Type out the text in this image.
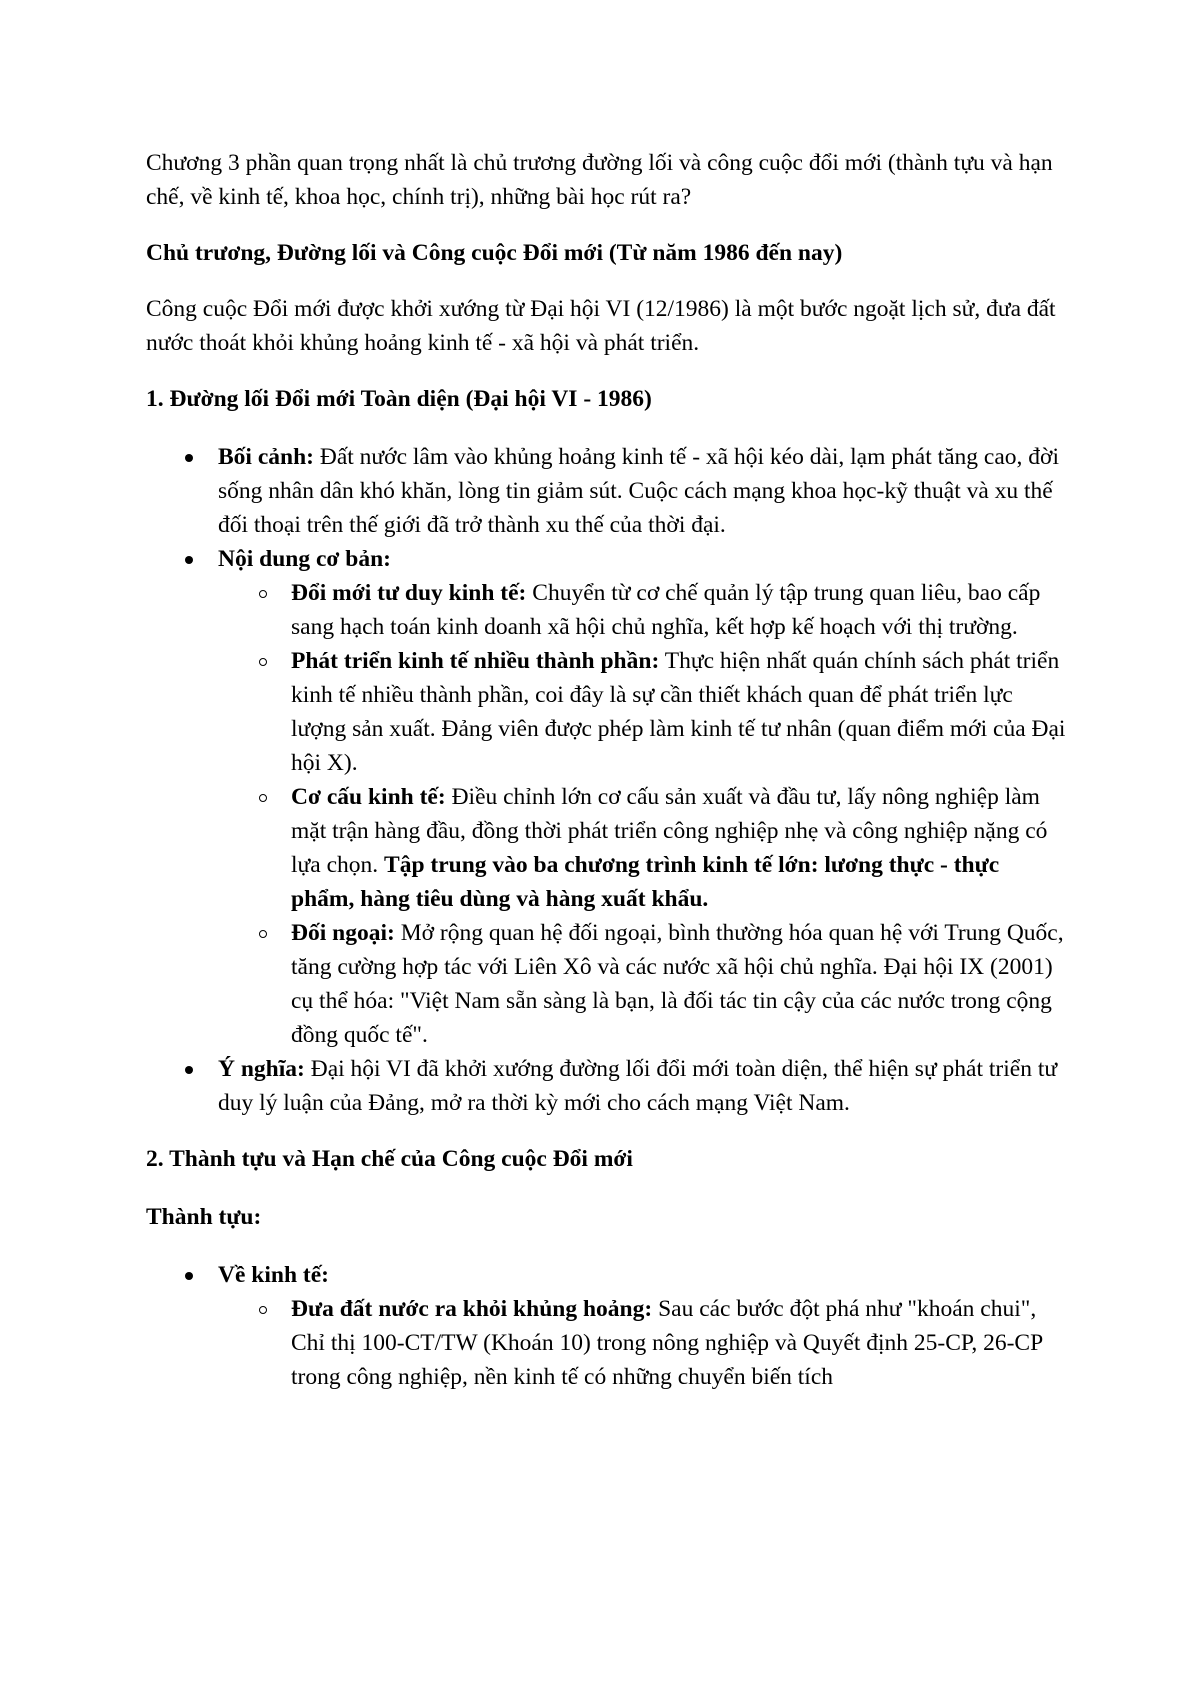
Chương 3 phần quan trọng nhất là chủ trương đường lối và công cuộc đổi mới (thành tựu và hạn chế, về kinh tế, khoa học, chính trị), những bài học rút ra?

Chủ trương, Đường lối và Công cuộc Đổi mới (Từ năm 1986 đến nay)

Công cuộc Đổi mới được khởi xướng từ Đại hội VI (12/1986) là một bước ngoặt lịch sử, đưa đất nước thoát khỏi khủng hoảng kinh tế - xã hội và phát triển.

1. Đường lối Đổi mới Toàn diện (Đại hội VI - 1986)

Bối cảnh: Đất nước lâm vào khủng hoảng kinh tế - xã hội kéo dài, lạm phát tăng cao, đời sống nhân dân khó khăn, lòng tin giảm sút. Cuộc cách mạng khoa học-kỹ thuật và xu thế đối thoại trên thế giới đã trở thành xu thế của thời đại.
Nội dung cơ bản:
Đổi mới tư duy kinh tế: Chuyển từ cơ chế quản lý tập trung quan liêu, bao cấp sang hạch toán kinh doanh xã hội chủ nghĩa, kết hợp kế hoạch với thị trường.
Phát triển kinh tế nhiều thành phần: Thực hiện nhất quán chính sách phát triển kinh tế nhiều thành phần, coi đây là sự cần thiết khách quan để phát triển lực lượng sản xuất. Đảng viên được phép làm kinh tế tư nhân (quan điểm mới của Đại hội X).
Cơ cấu kinh tế: Điều chỉnh lớn cơ cấu sản xuất và đầu tư, lấy nông nghiệp làm mặt trận hàng đầu, đồng thời phát triển công nghiệp nhẹ và công nghiệp nặng có lựa chọn. Tập trung vào ba chương trình kinh tế lớn: lương thực - thực phẩm, hàng tiêu dùng và hàng xuất khẩu.
Đối ngoại: Mở rộng quan hệ đối ngoại, bình thường hóa quan hệ với Trung Quốc, tăng cường hợp tác với Liên Xô và các nước xã hội chủ nghĩa. Đại hội IX (2001) cụ thể hóa: "Việt Nam sẵn sàng là bạn, là đối tác tin cậy của các nước trong cộng đồng quốc tế".
Ý nghĩa: Đại hội VI đã khởi xướng đường lối đổi mới toàn diện, thể hiện sự phát triển tư duy lý luận của Đảng, mở ra thời kỳ mới cho cách mạng Việt Nam.

2. Thành tựu và Hạn chế của Công cuộc Đổi mới

Thành tựu:

Về kinh tế:
Đưa đất nước ra khỏi khủng hoảng: Sau các bước đột phá như "khoán chui", Chỉ thị 100-CT/TW (Khoán 10) trong nông nghiệp và Quyết định 25-CP, 26-CP trong công nghiệp, nền kinh tế có những chuyển biến tích
